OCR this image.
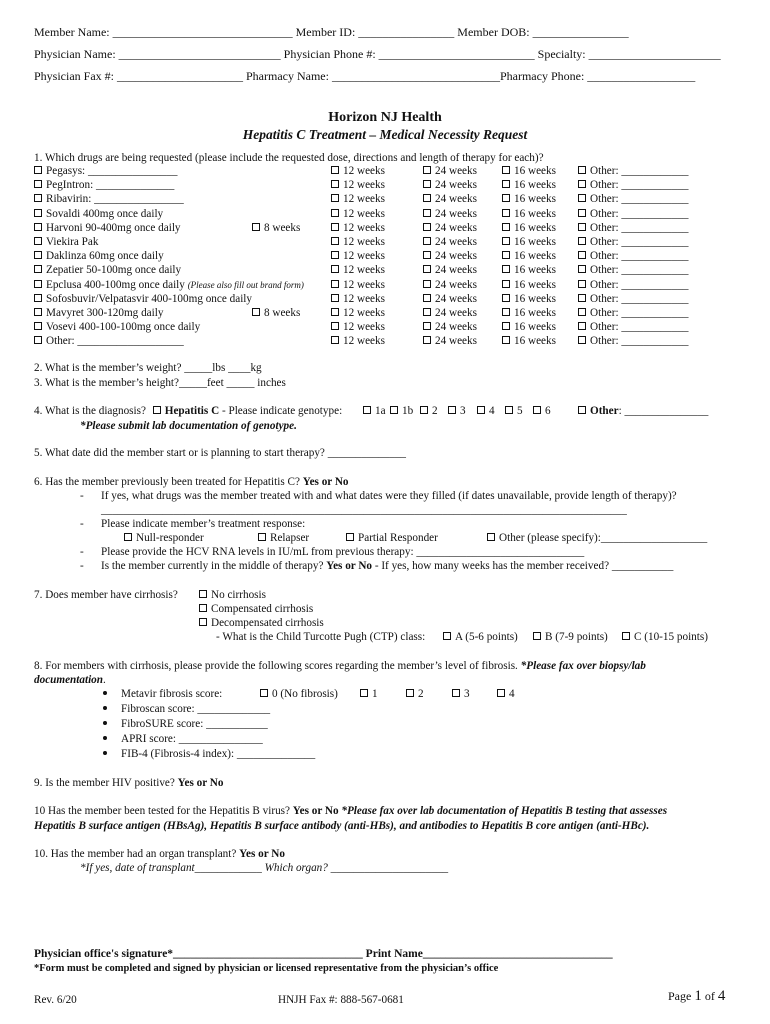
Member Name: ______________________________ Member ID: ________________ Member DOB: ________________
Physician Name: ___________________________ Physician Phone #: __________________________ Specialty: ______________________
Physician Fax #: _____________________ Pharmacy Name: ____________________________Pharmacy Phone: __________________
Horizon NJ Health
Hepatitis C Treatment – Medical Necessity Request
1. Which drugs are being requested (please include the requested dose, directions and length of therapy for each)?
Pegasys: ________________	12 weeks	24 weeks	16 weeks	Other: ____________
PegIntron: ______________	12 weeks	24 weeks	16 weeks	Other: ____________
Ribavirin: ________________	12 weeks	24 weeks	16 weeks	Other: ____________
Sovaldi 400mg once daily	12 weeks	24 weeks	16 weeks	Other: ____________
Harvoni 90-400mg once daily	8 weeks	12 weeks	24 weeks	16 weeks	Other: ____________
Viekira Pak	12 weeks	24 weeks	16 weeks	Other: ____________
Daklinza 60mg once daily	12 weeks	24 weeks	16 weeks	Other: ____________
Zepatier 50-100mg once daily	12 weeks	24 weeks	16 weeks	Other: ____________
Epclusa 400-100mg once daily (Please also fill out brand form)	12 weeks	24 weeks	16 weeks	Other: ____________
Sofosbuvir/Velpatasvir 400-100mg once daily	12 weeks	24 weeks	16 weeks	Other: ____________
Mavyret 300-120mg daily	8 weeks	12 weeks	24 weeks	16 weeks	Other: ____________
Vosevi 400-100-100mg once daily	12 weeks	24 weeks	16 weeks	Other: ____________
Other: ___________________	12 weeks	24 weeks	16 weeks	Other: ____________
2. What is the member’s weight? _____lbs ____kg
3. What is the member’s height?_____feet _____ inches
4. What is the diagnosis? Hepatitis C - Please indicate genotype:	1a	1b	2	3	4	5	6	Other: _______________
*Please submit lab documentation of genotype.
5. What date did the member start or is planning to start therapy? ______________
6. Has the member previously been treated for Hepatitis C? Yes or No
- If yes, what drugs was the member treated with and what dates were they filled (if dates unavailable, provide length of therapy)?
______________________________________________________________________________________________
- Please indicate member’s treatment response:
Null-responder	Relapser	Partial Responder	Other (please specify):___________________
- Please provide the HCV RNA levels in IU/mL from previous therapy: ______________________________
- Is the member currently in the middle of therapy? Yes or No - If yes, how many weeks has the member received? ___________
7. Does member have cirrhosis?	No cirrhosis
Compensated cirrhosis
Decompensated cirrhosis
- What is the Child Turcotte Pugh (CTP) class:	A (5-6 points)	B (7-9 points)	C (10-15 points)
8. For members with cirrhosis, please provide the following scores regarding the member’s level of fibrosis. *Please fax over biopsy/lab
documentation.
Metavir fibrosis score:	0 (No fibrosis)	1	2	3	4
Fibroscan score: _____________
FibroSURE score: ___________
APRI score: _______________
FIB-4 (Fibrosis-4 index): ______________
9. Is the member HIV positive? Yes or No
10 Has the member been tested for the Hepatitis B virus? Yes or No *Please fax over lab documentation of Hepatitis B testing that assesses
Hepatitis B surface antigen (HBsAg), Hepatitis B surface antibody (anti-HBs), and antibodies to Hepatitis B core antigen (anti-HBc).
10. Has the member had an organ transplant? Yes or No
*If yes, date of transplant____________ Which organ? _____________________
Physician office's signature*_________________________________ Print Name_________________________________
*Form must be completed and signed by physician or licensed representative from the physician’s office
Rev. 6/20	HNJH Fax #: 888-567-0681	Page 1 of 4
